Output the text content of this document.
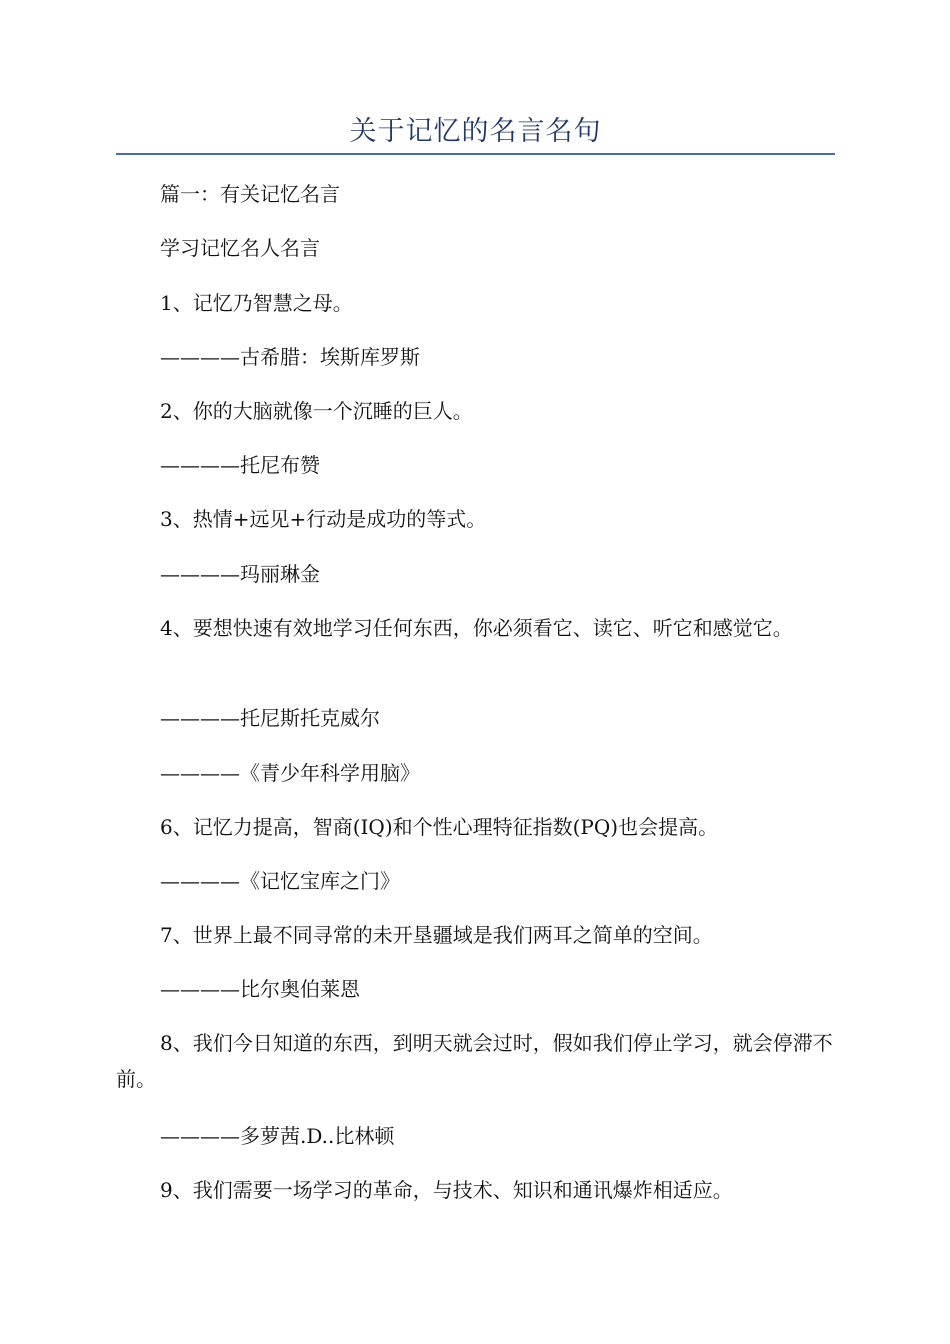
关于记忆的名言名句

篇一：有关记忆名言

学习记忆名人名言

1、记忆乃智慧之母。

————古希腊：埃斯库罗斯

2、你的大脑就像一个沉睡的巨人。

————托尼布赞

3、热情+远见+行动是成功的等式。

————玛丽琳金

4、要想快速有效地学习任何东西，你必须看它、读它、听它和感觉它。

————托尼斯托克威尔

————《青少年科学用脑》

6、记忆力提高，智商(IQ)和个性心理特征指数(PQ)也会提高。

————《记忆宝库之门》

7、世界上最不同寻常的未开垦疆域是我们两耳之简单的空间。

————比尔奥伯莱恩

8、我们今日知道的东西，到明天就会过时，假如我们停止学习，就会停滞不前。

————多萝茜.D..比林顿

9、我们需要一场学习的革命，与技术、知识和通讯爆炸相适应。
